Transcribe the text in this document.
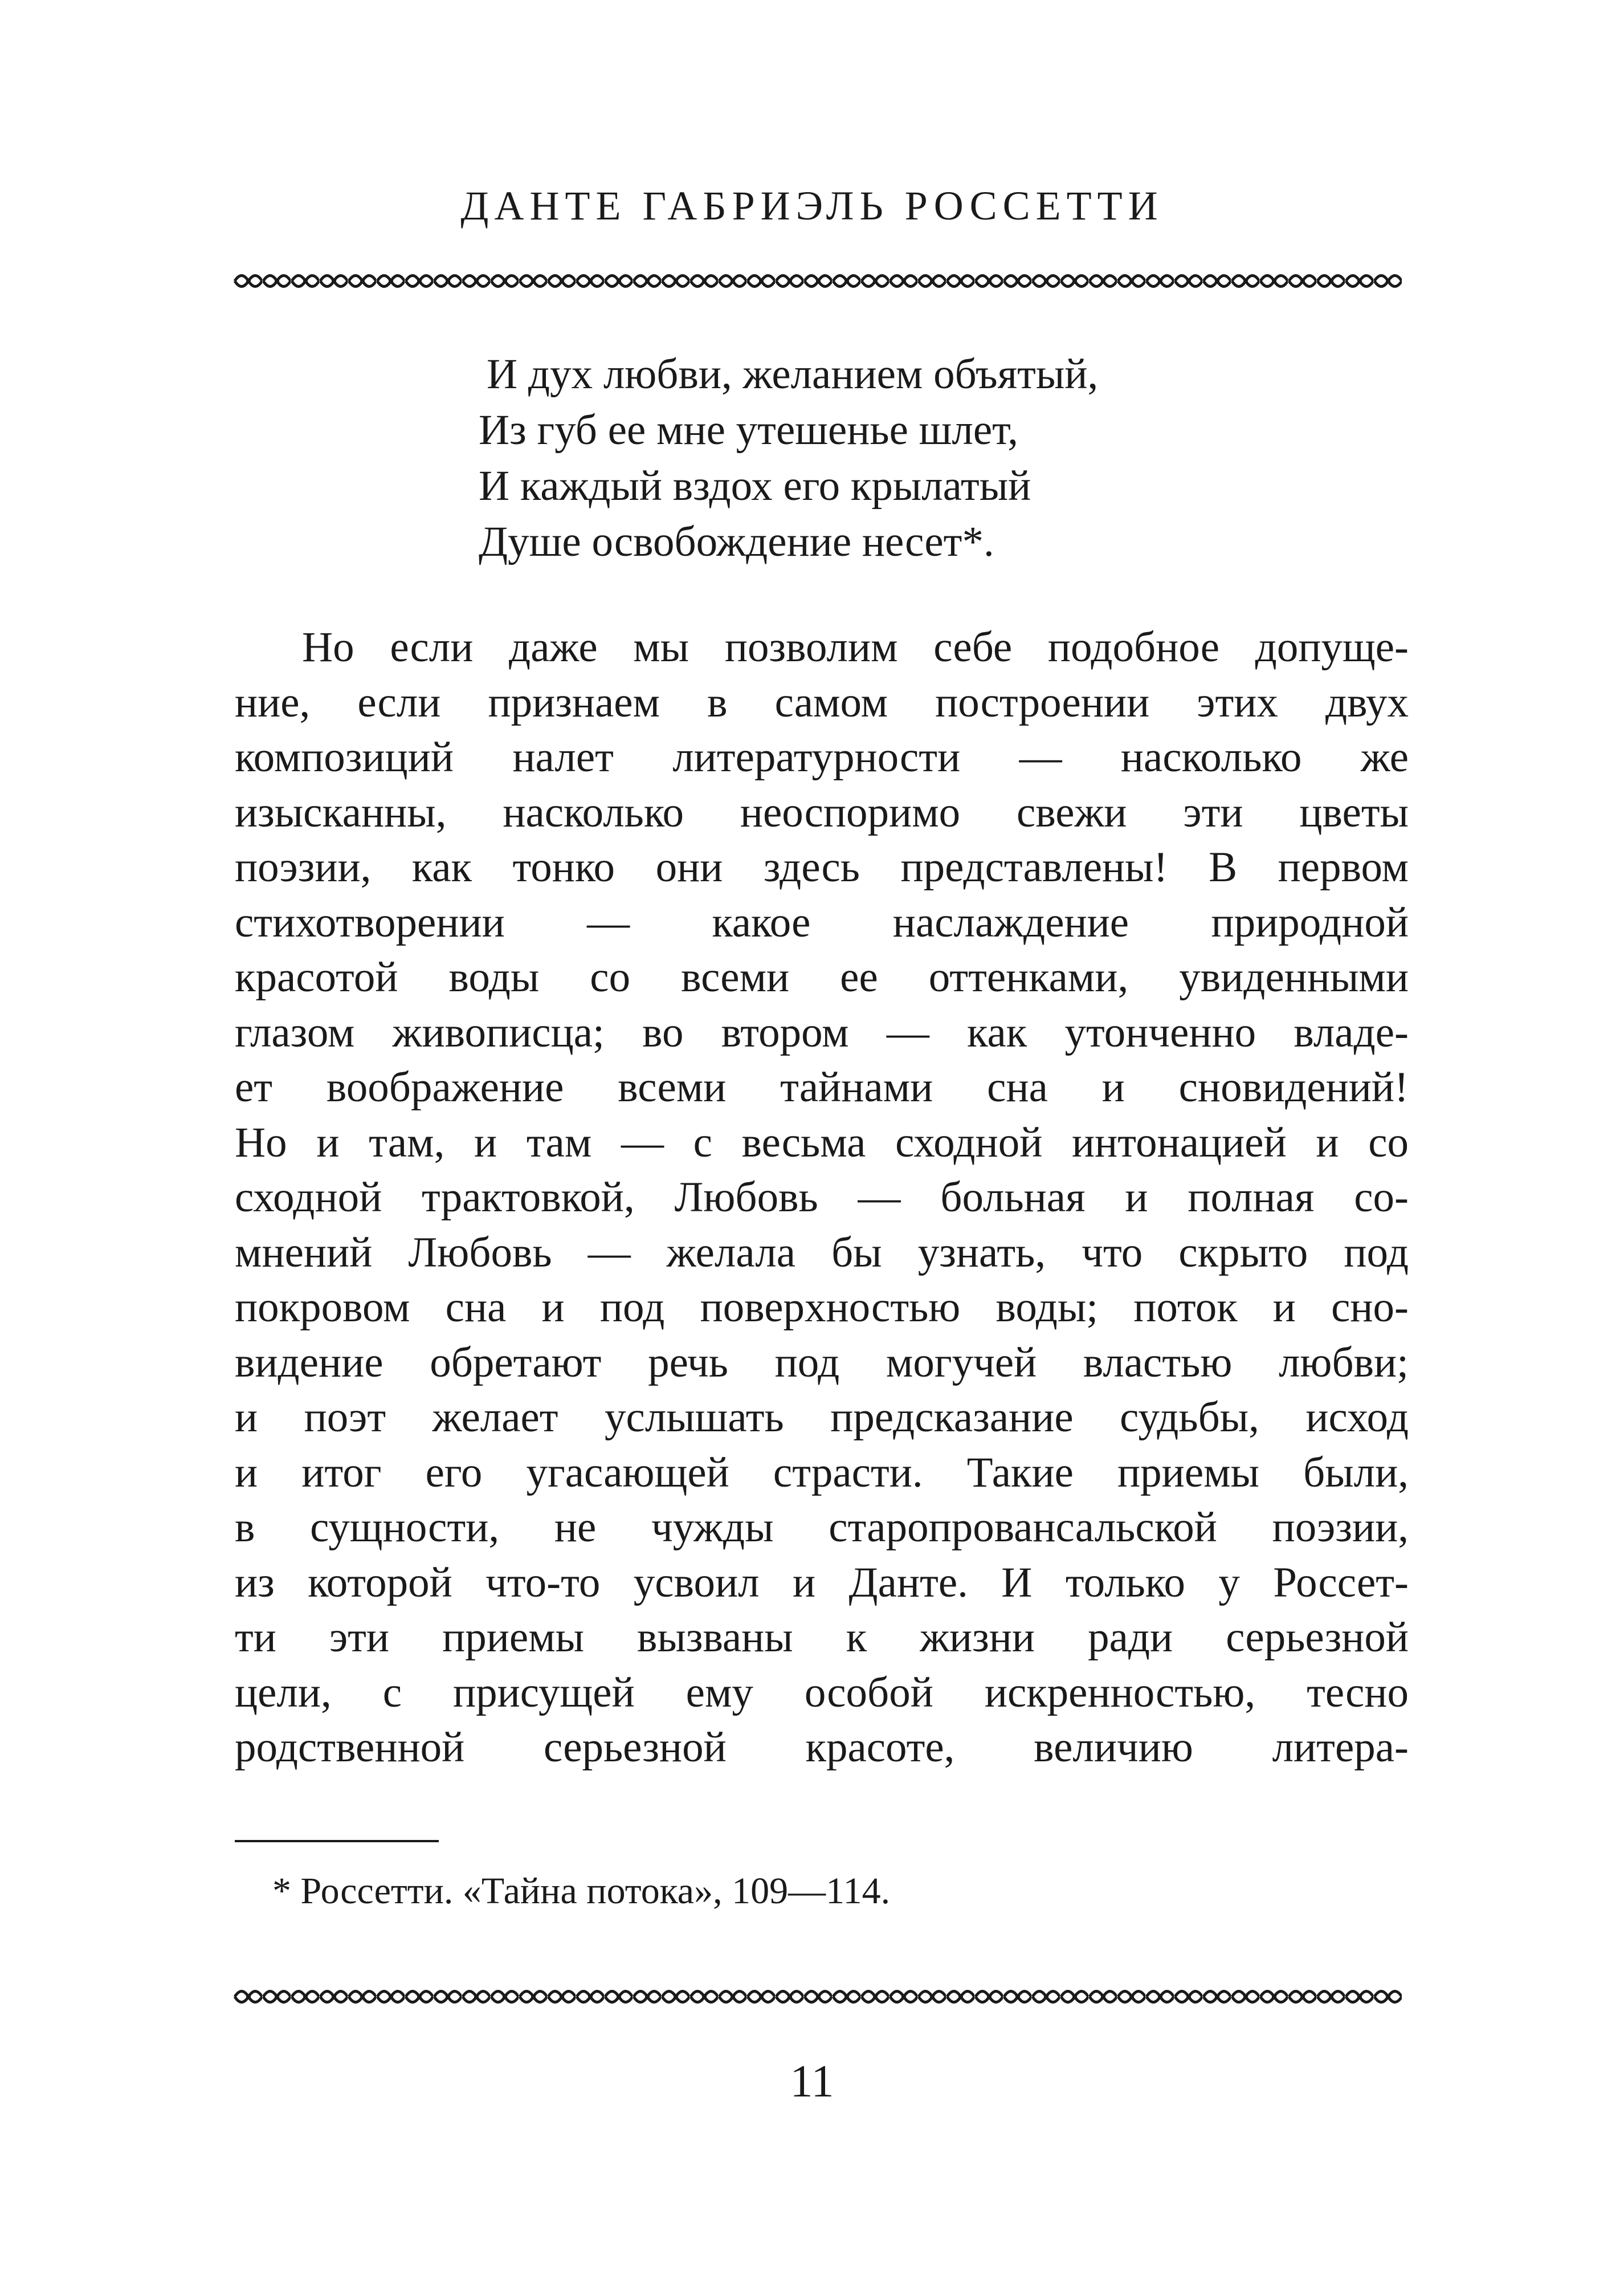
ДАНТЕ ГАБРИЭЛЬ РОССЕТТИ
И дух любви, желанием объятый,
Из губ ее мне утешенье шлет,
И каждый вздох его крылатый
Душе освобождение несет*.
Но если даже мы позволим себе подобное допуще-
ние, если признаем в самом построении этих двух
композиций налет литературности — насколько же
изысканны, насколько неоспоримо свежи эти цветы
поэзии, как тонко они здесь представлены! В первом
стихотворении — какое наслаждение природной
красотой воды со всеми ее оттенками, увиденными
глазом живописца; во втором — как утонченно владе-
ет воображение всеми тайнами сна и сновидений!
Но и там, и там — с весьма сходной интонацией и со
сходной трактовкой, Любовь — больная и полная со-
мнений Любовь — желала бы узнать, что скрыто под
покровом сна и под поверхностью воды; поток и сно-
видение обретают речь под могучей властью любви;
и поэт желает услышать предсказание судьбы, исход
и итог его угасающей страсти. Такие приемы были,
в сущности, не чужды старопровансальской поэзии,
из которой что-то усвоил и Данте. И только у Россет-
ти эти приемы вызваны к жизни ради серьезной
цели, с присущей ему особой искренностью, тесно
родственной серьезной красоте, величию литера-
* Россетти. «Тайна потока», 109—114.
11
